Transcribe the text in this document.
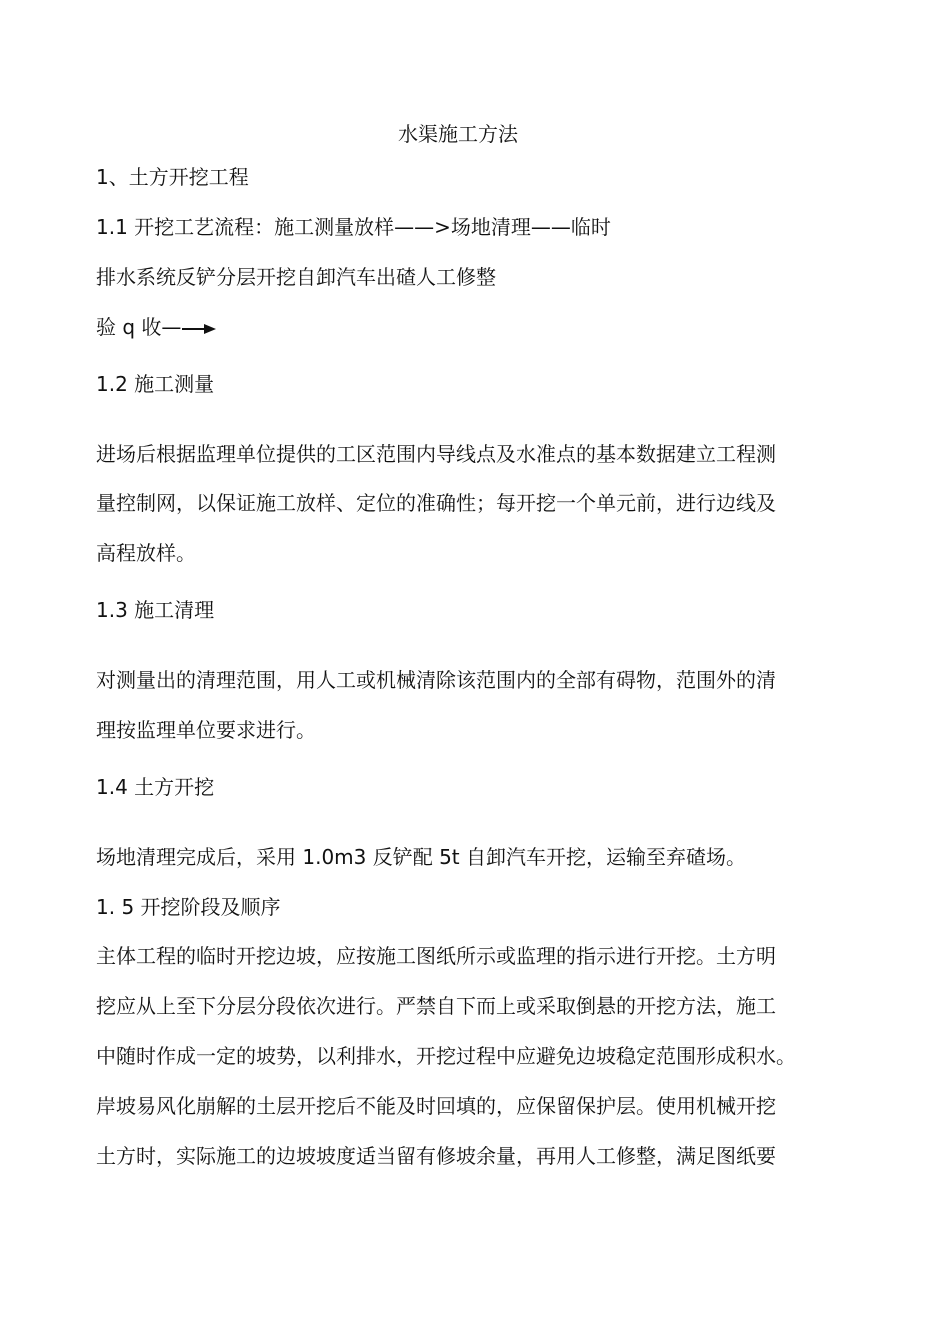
水渠施工方法

1、土方开挖工程

1.1 开挖工艺流程：施工测量放样——>场地清理——临时

排水系统反铲分层开挖自卸汽车出碴人工修整

验 q 收—

1.2 施工测量

进场后根据监理单位提供的工区范围内导线点及水准点的基本数据建立工程测

量控制网，以保证施工放样、定位的准确性；每开挖一个单元前，进行边线及

高程放样。

1.3 施工清理

对测量出的清理范围，用人工或机械清除该范围内的全部有碍物，范围外的清

理按监理单位要求进行。

1.4 土方开挖

场地清理完成后，采用 1.0m3 反铲配 5t 自卸汽车开挖，运输至弃碴场。

1. 5 开挖阶段及顺序

主体工程的临时开挖边坡，应按施工图纸所示或监理的指示进行开挖。土方明

挖应从上至下分层分段依次进行。严禁自下而上或采取倒悬的开挖方法，施工

中随时作成一定的坡势，以利排水，开挖过程中应避免边坡稳定范围形成积水。

岸坡易风化崩解的土层开挖后不能及时回填的，应保留保护层。使用机械开挖

土方时，实际施工的边坡坡度适当留有修坡余量，再用人工修整，满足图纸要
